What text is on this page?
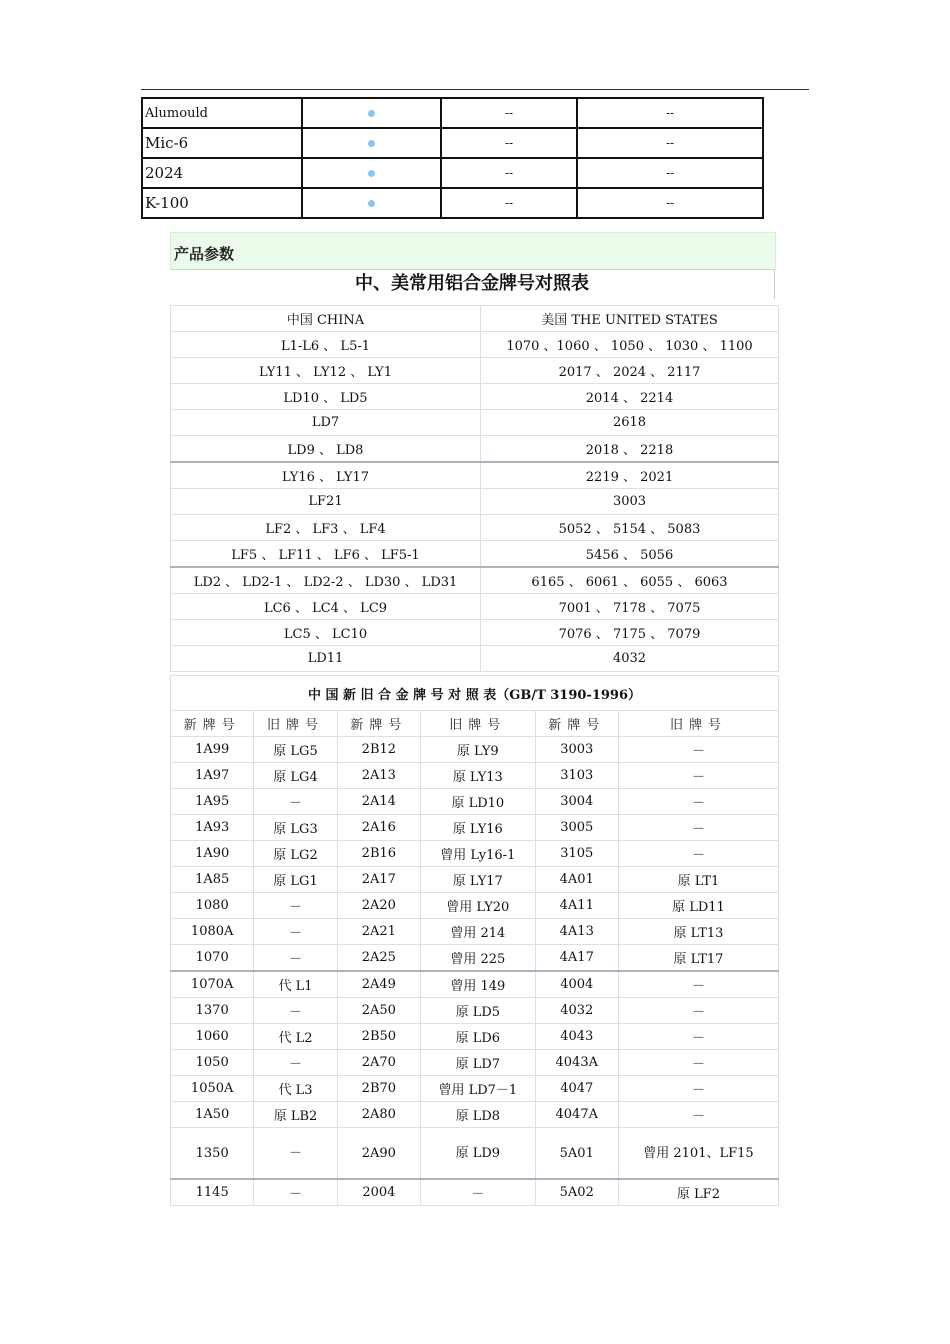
Alumould		--	--
Mic-6		--	--
2024		--	--
K-100		--	--
产品参数
中、美常用铝合金牌号对照表
中国 CHINA	美国 THE UNITED STATES
L1-L6 、 L5-1	1070 、1060 、 1050 、 1030 、 1100
LY11 、 LY12 、 LY1	2017 、 2024 、 2117
LD10 、 LD5	2014 、 2214
LD7	2618
LD9 、 LD8	2018 、 2218
LY16 、 LY17	2219 、 2021
LF21	3003
LF2 、 LF3 、 LF4	5052 、 5154 、 5083
LF5 、 LF11 、 LF6 、 LF5-1	5456 、 5056
LD2 、 LD2-1 、 LD2-2 、 LD30 、 LD31	6165 、 6061 、 6055 、 6063
LC6 、 LC4 、 LC9	7001 、 7178 、 7075
LC5 、 LC10	7076 、 7175 、 7079
LD11	4032
中 国 新 旧 合 金 牌 号 对 照 表（GB/T 3190-1996）					
新牌号	旧牌号	新牌号	旧牌号	新牌号	旧牌号
1A99	原 LG5	2B12	原 LY9	3003	－
1A97	原 LG4	2A13	原 LY13	3103	－
1A95	－	2A14	原 LD10	3004	－
1A93	原 LG3	2A16	原 LY16	3005	－
1A90	原 LG2	2B16	曾用 Ly16-1	3105	－
1A85	原 LG1	2A17	原 LY17	4A01	原 LT1
1080	－	2A20	曾用 LY20	4A11	原 LD11
1080A	－	2A21	曾用 214	4A13	原 LT13
1070	－	2A25	曾用 225	4A17	原 LT17
1070A	代 L1	2A49	曾用 149	4004	－
1370	－	2A50	原 LD5	4032	－
1060	代 L2	2B50	原 LD6	4043	－
1050	－	2A70	原 LD7	4043A	－
1050A	代 L3	2B70	曾用 LD7－1	4047	－
1A50	原 LB2	2A80	原 LD8	4047A	－
1350	－	2A90	原 LD9	5A01	曾用 2101、LF15
1145	－	2004	－	5A02	原 LF2
